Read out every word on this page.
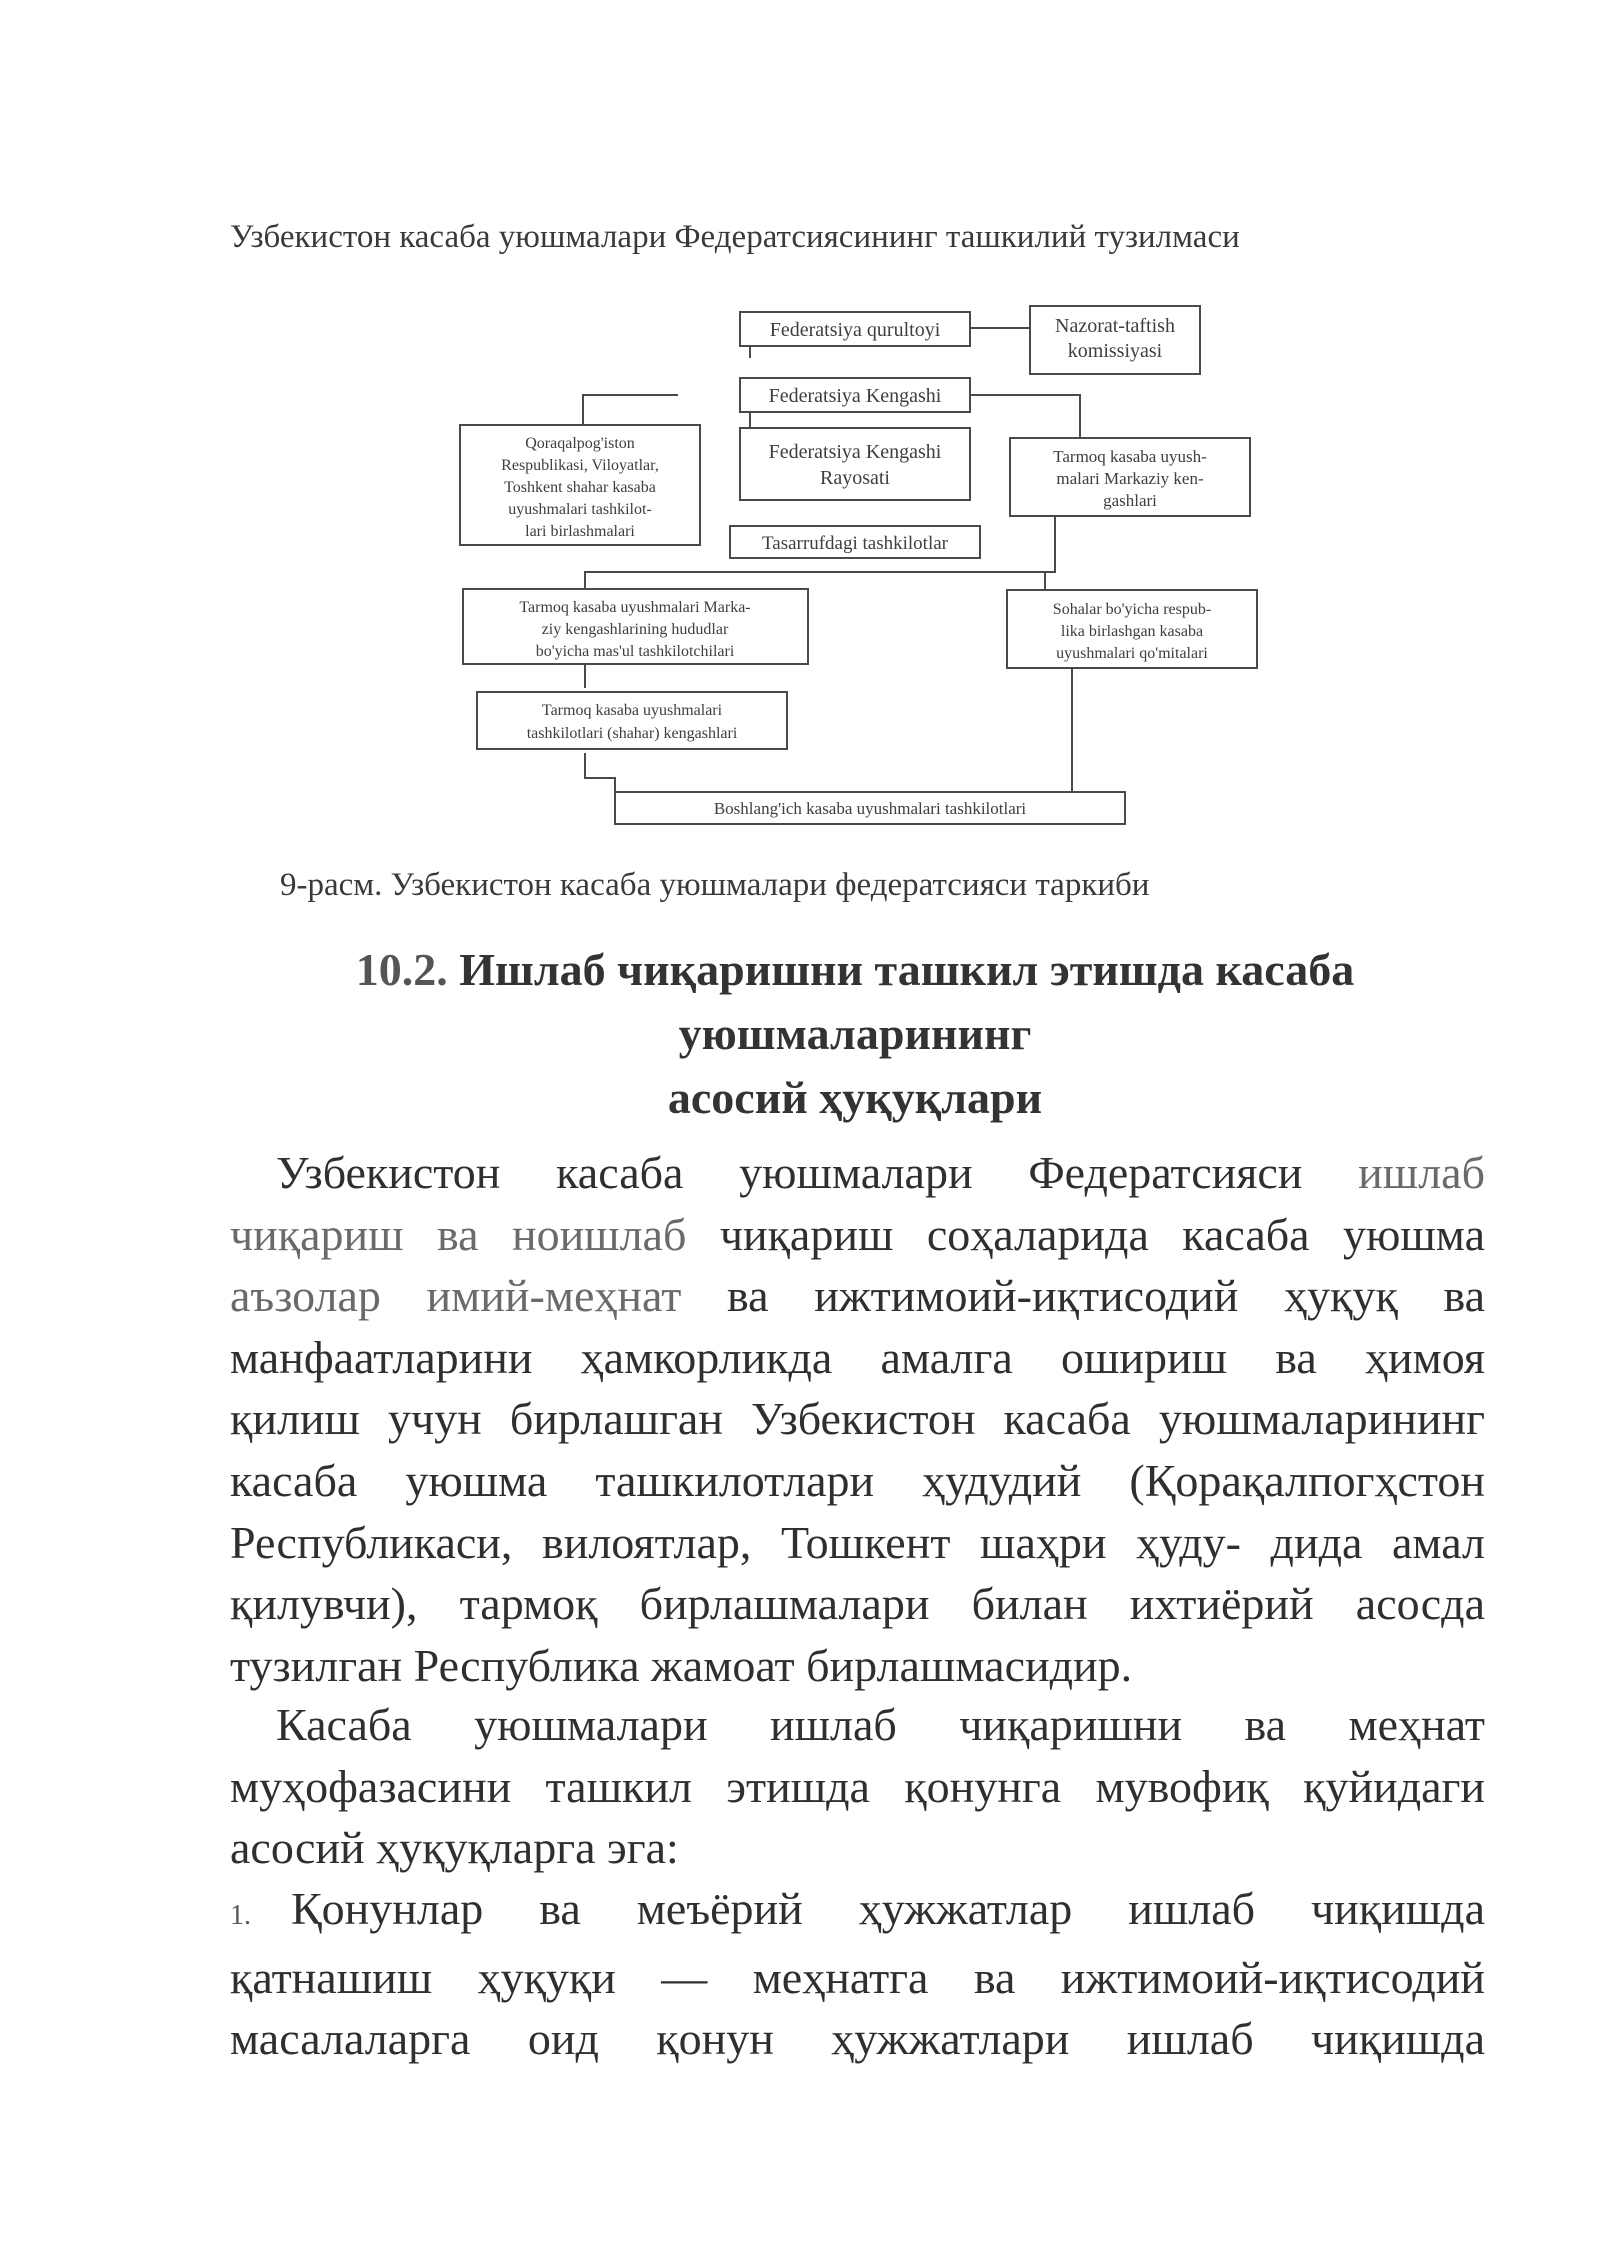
Узбекистон касаба уюшмалари Федератсиясининг ташкилий тузилмаси
Federatsiya qurultoyi	Nazorat-taftish
komissiyasi
Federatsiya Kengashi
Qoraqalpog'iston
Respublikasi, Viloyatlar,
Toshkent shahar kasaba
uyushmalari tashkilot-
lari birlashmalari
Federatsiya Kengashi
Rayosati
Tarmoq kasaba uyush-
malari Markaziy ken-
gashlari
Tasarrufdagi tashkilotlar
Tarmoq kasaba uyushmalari Marka-
ziy kengashlarining hududlar
bo'yicha mas'ul tashkilotchilari
Sohalar bo'yicha respub-
lika birlashgan kasaba
uyushmalari qo'mitalari
Tarmoq kasaba uyushmalari
tashkilotlari (shahar) kengashlari
Boshlang'ich kasaba uyushmalari tashkilotlari

9-расм. Узбекистон касаба уюшмалари федератсияси таркиби

10.2. Ишлаб чиқаришни ташкил этишда касаба
уюшмаларининг
асосий ҳуқуқлари
 Узбекистон касаба уюшмалари Федератсияси ишлаб
чиқариш ва ноишлаб чиқариш соҳаларида касаба уюшма
аъзолар имий-меҳнат ва ижтимоий-иқтисодий ҳуқуқ ва
манфаатларини ҳамкорликда амалга ошириш ва ҳимоя
қилиш учун бирлашган Узбекистон касаба уюшмаларининг
касаба уюшма ташкилотлари ҳудудий (Қорақалпогҳстон
Республикаси, вилоятлар, Тошкент шаҳри ҳуду- дида амал
қилувчи), тармоқ бирлашмалари билан ихтиёрий асосда
тузилган Республика жамоат бирлашмасидир.
 Касаба уюшмалари ишлаб чиқаришни ва меҳнат
муҳофазасини ташкил этишда қонунга мувофиқ қуйидаги
асосий ҳуқуқларга эга:
1. Қонунлар ва меъёрий ҳужжатлар ишлаб чиқишда
қатнашиш ҳуқуқи — меҳнатга ва ижтимоий-иқтисодий
масалаларга оид қонун ҳужжатлари ишлаб чиқишда
